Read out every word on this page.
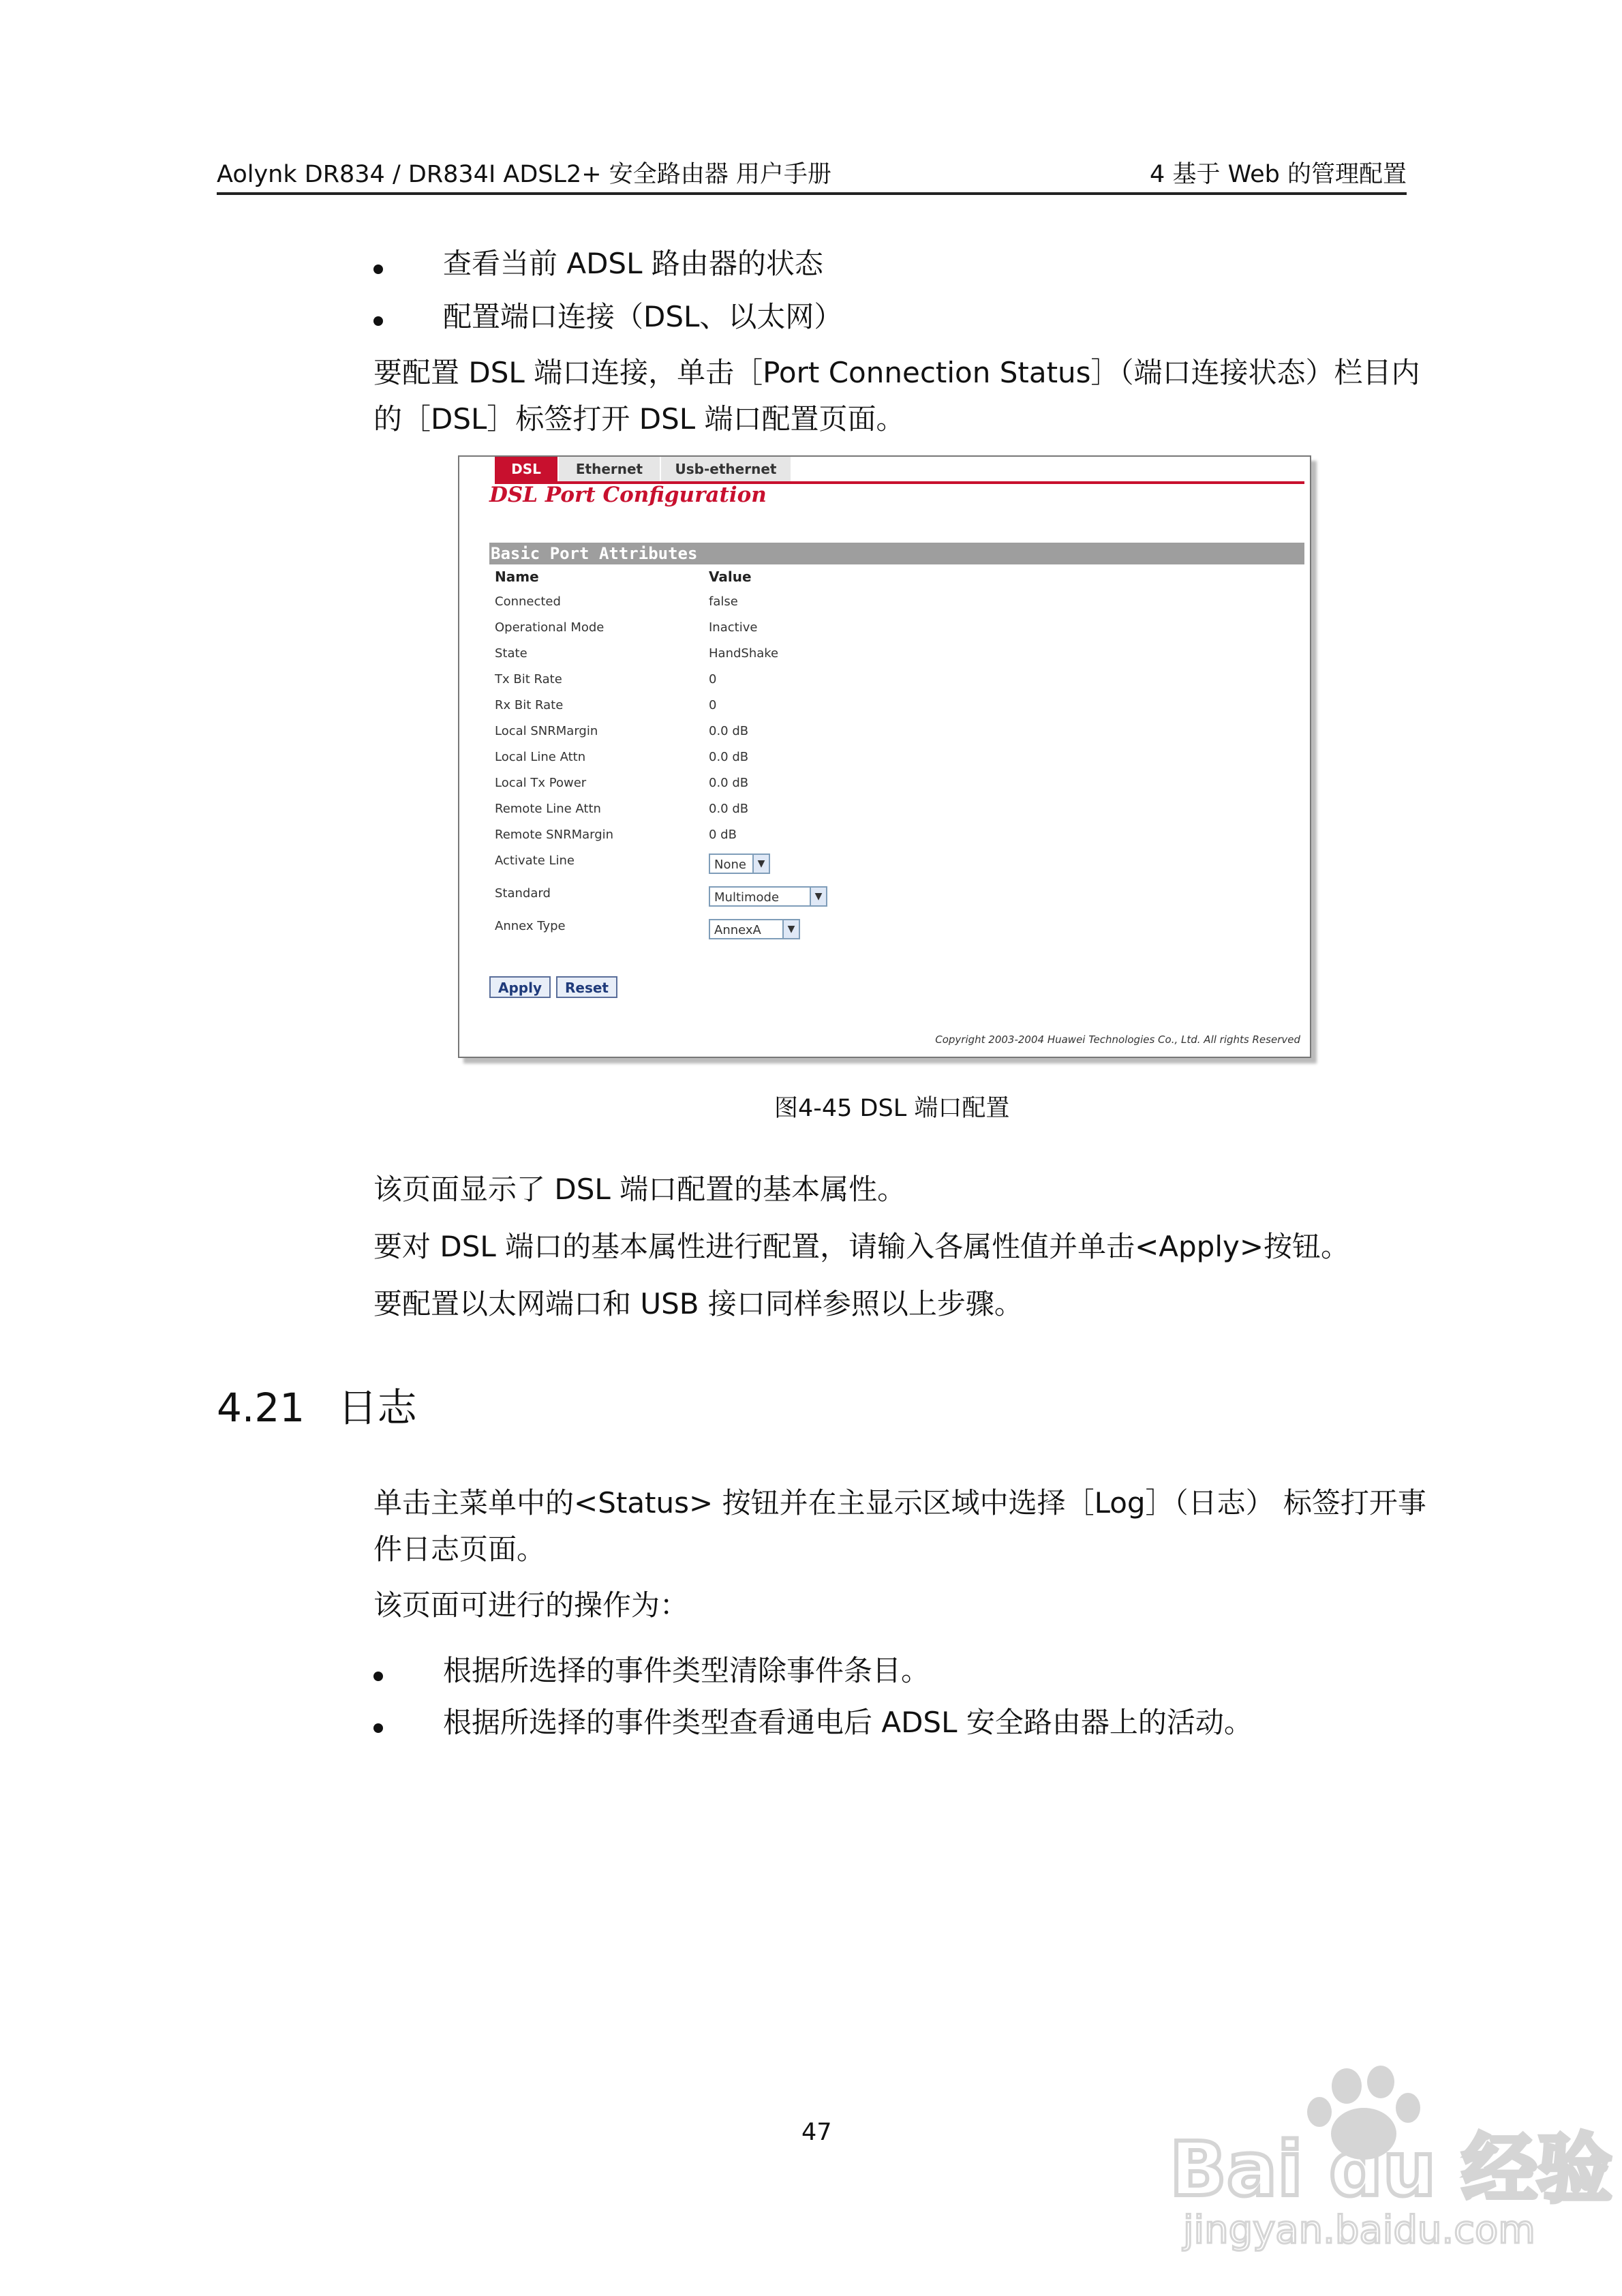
Aolynk DR834 / DR834I ADSL2+ 安全路由器 用户手册	4 基于 Web 的管理配置
查看当前 ADSL 路由器的状态
配置端口连接（DSL、以太网）
要配置 DSL 端口连接，单击［Port Connection Status］（端口连接状态）栏目内
的［DSL］标签打开 DSL 端口配置页面。
DSL	Ethernet	Usb-ethernet
DSL Port Configuration
Basic Port Attributes
Name	Value
Connected	false
Operational Mode	Inactive
State	HandShake
Tx Bit Rate	0
Rx Bit Rate	0
Local SNRMargin	0.0 dB
Local Line Attn	0.0 dB
Local Tx Power	0.0 dB
Remote Line Attn	0.0 dB
Remote SNRMargin	0 dB
Activate Line	None	▼
Standard	Multimode	▼
Annex Type	AnnexA	▼
Apply	Reset
Copyright 2003-2004 Huawei Technologies Co., Ltd. All rights Reserved
图4-45 DSL 端口配置
该页面显示了 DSL 端口配置的基本属性。
要对 DSL 端口的基本属性进行配置，请输入各属性值并单击<Apply>按钮。
要配置以太网端口和 USB 接口同样参照以上步骤。
4.21 日志
单击主菜单中的<Status> 按钮并在主显示区域中选择［Log］（日志） 标签打开事
件日志页面。
该页面可进行的操作为：
根据所选择的事件类型清除事件条目。
根据所选择的事件类型查看通电后 ADSL 安全路由器上的活动。
47	Bai du 经验
jingyan.baidu.com
